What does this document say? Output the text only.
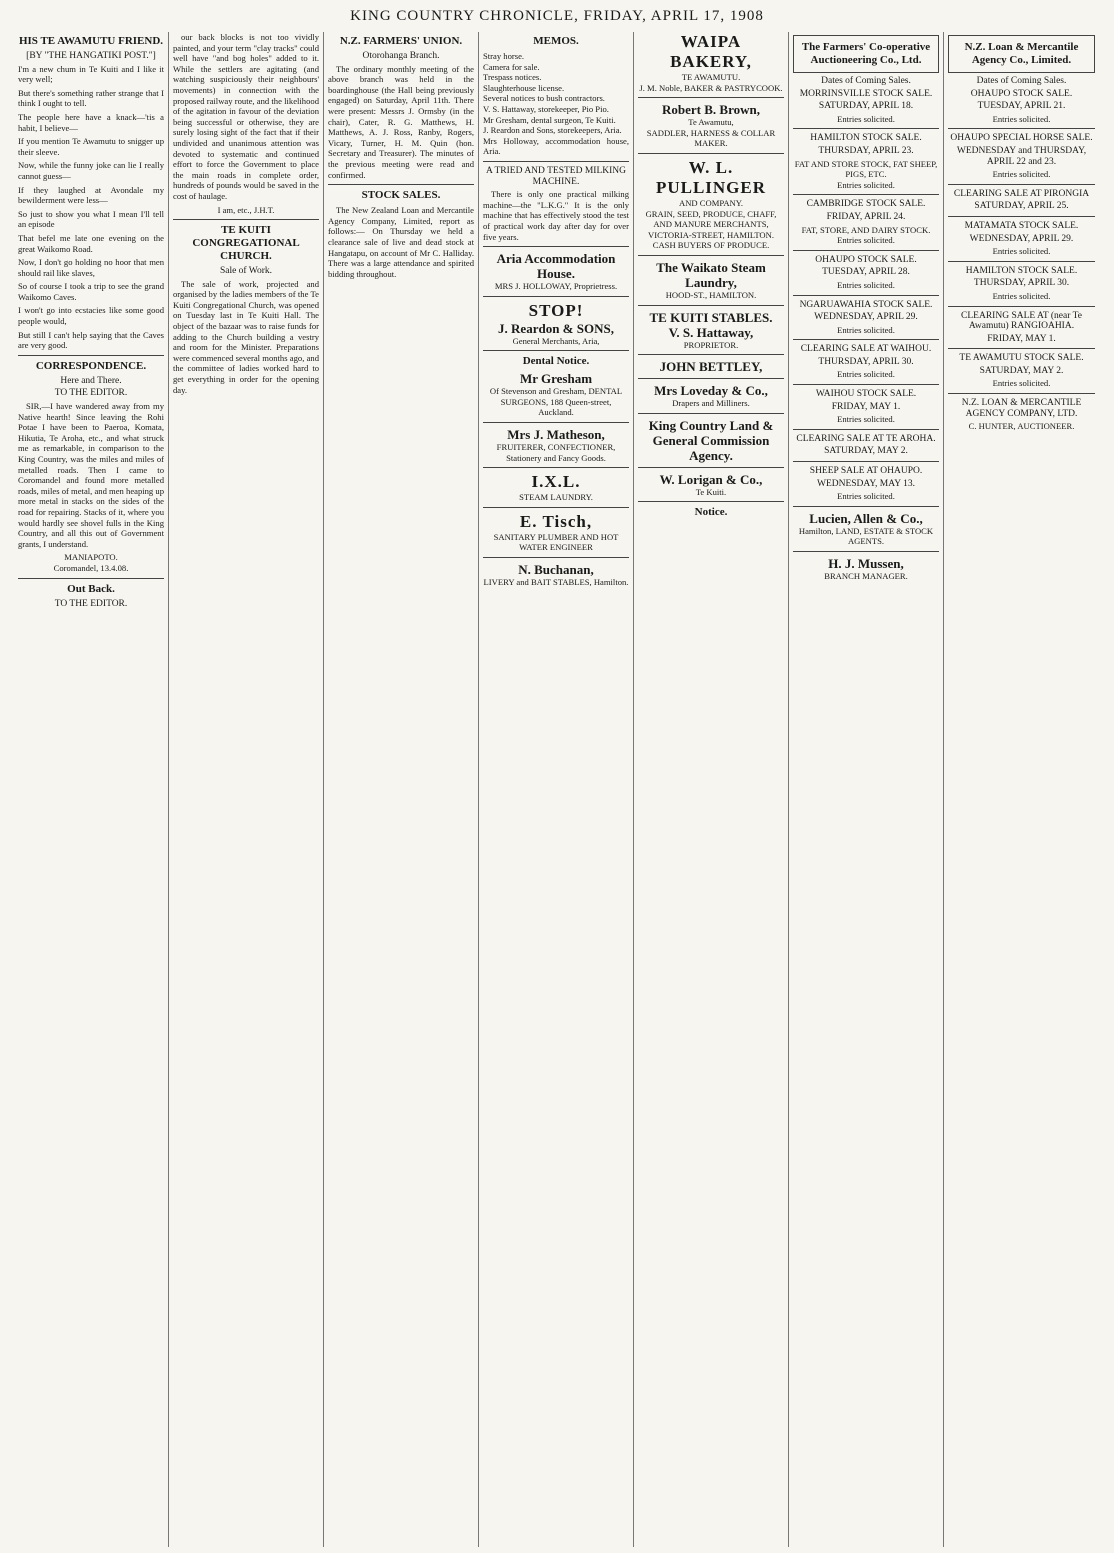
KING COUNTRY CHRONICLE, FRIDAY, APRIL 17, 1908
HIS TE AWAMUTU FRIEND.
[BY "THE HANGATIKI POST."]

I'm a new chum in Te Kuiti and I like it very well;

But there's something rather strange that I think I ought to tell.

The people here have a knack—'tis a habit, I believe—

If you mention Te Awamutu to snigger up their sleeve.

Now, while the funny joke can lie I really cannot guess—

If they laughed at Avondale my bewilderment were less—

So just to show you what I mean I'll tell an episode

That befel me late one evening on the great Waikomo Road.

Now, I don't go holding no hoor that men should rail like slaves,

So of course I took a trip to see the grand Waikomo Caves.

I won't go into ecstacies like some good people would,

But still I can't help saying that the Caves are very good.

CORRESPONDENCE.
Here and There.
TO THE EDITOR.

SIR,—I have wandered away from my Native hearth! Since leaving the Rohi Potae I have been to Paeroa, Komata, Hikutia, Te Aroha, etc., and what struck me as remarkable, in comparison to the King Country, was the miles and miles of metalled roads. Then I came to Coromandel and found more metalled roads, miles of metal, and men heaping up more metal in stacks on the sides of the road for repairing. Stacks of it, where you would hardly see shovel fulls in the King Country, and all this out of Government grants, I understand.

MANIAPOTO.
Coromandel, 13.4.08.
Out Back.
TO THE EDITOR.

our back blocks is not too vividly painted, and your term "clay tracks" could well have "and bog holes" added to it. While the settlers are agitating (and watching suspiciously their neighbours' movements) in connection with the proposed railway route, and the likelihood of the agitation in favour of the deviation being successful or otherwise, they are surely losing sight of the fact that if their undivided and unanimous attention was devoted to systematic and continued effort to force the Government to place the main roads in complete order, hundreds of pounds would be saved in the cost of haulage.

I am, etc., J.H.T.
TE KUITI CONGREGATIONAL CHURCH.
Sale of Work.

The sale of work, projected and organised by the ladies members of the Te Kuiti Congregational Church, was opened on Tuesday last in Te Kuiti Hall. The object of the bazaar was to raise funds for adding to the Church building a vestry and room for the Minister. Preparations were commenced several months ago, and the committee of ladies worked hard to get everything in order for the opening day.

N.Z. FARMERS' UNION.
Otorohanga Branch.

The ordinary monthly meeting of the above branch was held in the boardinghouse (the Hall being previously engaged) on Saturday, April 11th. There were present: Messrs J. Ormsby (in the chair), Cater, R. G. Matthews, H. Matthews, A. J. Ross, Ranby, Rogers, Vicary, Turner, H. M. Quin (hon. Secretary and Treasurer). The minutes of the previous meeting were read and confirmed.

STOCK SALES.

The New Zealand Loan and Mercantile Agency Company, Limited, report as follows:— On Thursday we held a clearance sale of live and dead stock at Hangatapu, on account of Mr C. Halliday. There was a large attendance and spirited bidding throughout.

MEMOS.
Stray horse.
Camera for sale.
Trespass notices.
Slaughterhouse license.
Several notices to bush contractors.
V. S. Hattaway, storekeeper, Pio Pio.
Mr Gresham, dental surgeon, Te Kuiti.
J. Reardon and Sons, storekeepers, Aria.
Mrs Holloway, accommodation house, Aria.
A TRIED AND TESTED MILKING MACHINE.

There is only one practical milking machine—the "L.K.G." It is the only machine that has effectively stood the test of practical work day after day for over five years.

Aria Accommodation House.
MRS J. HOLLOWAY, Proprietress.
STOP!
J. Reardon & SONS,
General Merchants, Aria,
Dental Notice.
Mr Gresham
Of Stevenson and Gresham, DENTAL SURGEONS, 188 Queen-street, Auckland.
Mrs J. Matheson,
FRUITERER, CONFECTIONER, Stationery and Fancy Goods.
I.X.L.
STEAM LAUNDRY.
E. Tisch,
SANITARY PLUMBER AND HOT WATER ENGINEER
N. Buchanan,
LIVERY and BAIT STABLES, Hamilton.
WAIPA BAKERY,
TE AWAMUTU.
J. M. Noble, BAKER & PASTRYCOOK.
Robert B. Brown,
Te Awamutu,
SADDLER, HARNESS & COLLAR MAKER.
W. L. PULLINGER
AND COMPANY.
GRAIN, SEED, PRODUCE, CHAFF, AND MANURE MERCHANTS,
VICTORIA-STREET, HAMILTON.
CASH BUYERS OF PRODUCE.
The Waikato Steam Laundry,
HOOD-ST., HAMILTON.
TE KUITI STABLES.
V. S. Hattaway,
PROPRIETOR.
JOHN BETTLEY,
Mrs Loveday & Co.,
Drapers and Milliners.
King Country Land & General Commission Agency.
W. Lorigan & Co.,
Te Kuiti.
Notice.
The Farmers' Co-operative Auctioneering Co., Ltd.
Dates of Coming Sales.
MORRINSVILLE STOCK SALE.
SATURDAY, APRIL 18.
Entries solicited.
HAMILTON STOCK SALE.
THURSDAY, APRIL 23.
FAT AND STORE STOCK, FAT SHEEP, PIGS, ETC.
Entries solicited.
CAMBRIDGE STOCK SALE.
FRIDAY, APRIL 24.
FAT, STORE, AND DAIRY STOCK.
Entries solicited.
OHAUPO STOCK SALE.
TUESDAY, APRIL 28.
Entries solicited.
NGARUAWAHIA STOCK SALE.
WEDNESDAY, APRIL 29.
Entries solicited.
CLEARING SALE AT WAIHOU.
THURSDAY, APRIL 30.
Entries solicited.
WAIHOU STOCK SALE.
FRIDAY, MAY 1.
Entries solicited.
CLEARING SALE AT TE AROHA.
SATURDAY, MAY 2.
SHEEP SALE AT OHAUPO.
WEDNESDAY, MAY 13.
Entries solicited.
Lucien, Allen & Co.,
Hamilton, LAND, ESTATE & STOCK AGENTS.
H. J. Mussen,
BRANCH MANAGER.
N.Z. Loan & Mercantile Agency Co., Limited.
Dates of Coming Sales.
OHAUPO STOCK SALE.
TUESDAY, APRIL 21.
Entries solicited.
OHAUPO SPECIAL HORSE SALE.
WEDNESDAY and THURSDAY, APRIL 22 and 23.
Entries solicited.
CLEARING SALE AT PIRONGIA
SATURDAY, APRIL 25.
MATAMATA STOCK SALE.
WEDNESDAY, APRIL 29.
Entries solicited.
HAMILTON STOCK SALE.
THURSDAY, APRIL 30.
Entries solicited.
CLEARING SALE AT (near Te Awamutu) RANGIOAHIA.
FRIDAY, MAY 1.
TE AWAMUTU STOCK SALE.
SATURDAY, MAY 2.
Entries solicited.
N.Z. LOAN & MERCANTILE AGENCY COMPANY, LTD.
C. HUNTER, AUCTIONEER.
